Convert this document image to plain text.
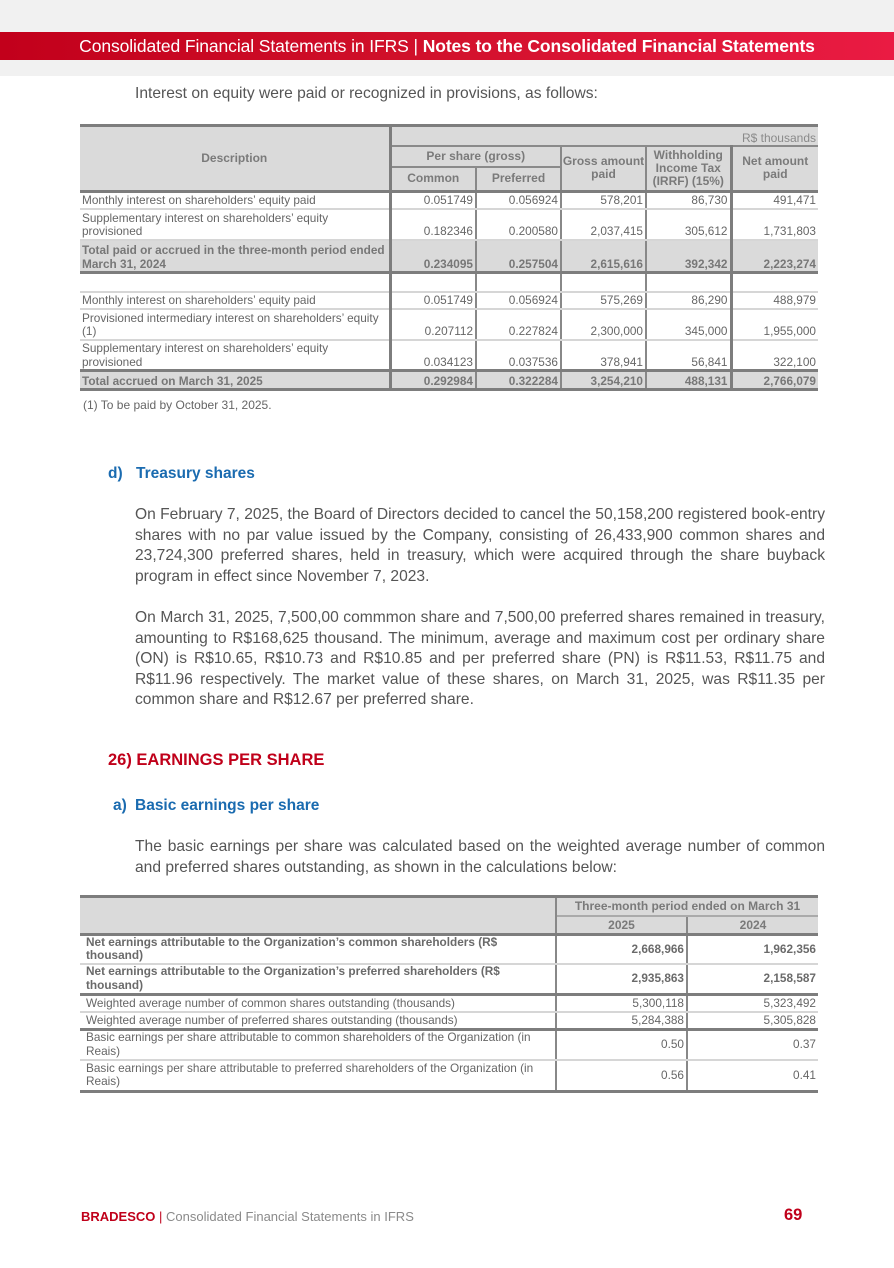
Consolidated Financial Statements in IFRS | Notes to the Consolidated Financial Statements

Interest on equity were paid or recognized in provisions, as follows:

Description	R$ thousands				
	Per share (gross)		Gross amount paid	Withholding Income Tax (IRRF) (15%)	Net amount paid
	Common	Preferred			
Monthly interest on shareholders’ equity paid	0.051749	0.056924	578,201	86,730	491,471
Supplementary interest on shareholders’ equity provisioned	0.182346	0.200580	2,037,415	305,612	1,731,803
Total paid or accrued in the three-month period ended March 31, 2024	0.234095	0.257504	2,615,616	392,342	2,223,274

Monthly interest on shareholders’ equity paid	0.051749	0.056924	575,269	86,290	488,979
Provisioned intermediary interest on shareholders’ equity (1)	0.207112	0.227824	2,300,000	345,000	1,955,000
Supplementary interest on shareholders’ equity provisioned	0.034123	0.037536	378,941	56,841	322,100
Total accrued on March 31, 2025	0.292984	0.322284	3,254,210	488,131	2,766,079
(1) To be paid by October 31, 2025.
d) Treasury shares

On February 7, 2025, the Board of Directors decided to cancel the 50,158,200 registered book-entry shares with no par value issued by the Company, consisting of 26,433,900 common shares and 23,724,300 preferred shares, held in treasury, which were acquired through the share buyback program in effect since November 7, 2023.

On March 31, 2025, 7,500,00 commmon share and 7,500,00 preferred shares remained in treasury, amounting to R$168,625 thousand. The minimum, average and maximum cost per ordinary share (ON) is R$10.65, R$10.73 and R$10.85 and per preferred share (PN) is R$11.53, R$11.75 and R$11.96 respectively. The market value of these shares, on March 31, 2025, was R$11.35 per common share and R$12.67 per preferred share.

26) EARNINGS PER SHARE
a) Basic earnings per share

The basic earnings per share was calculated based on the weighted average number of common and preferred shares outstanding, as shown in the calculations below:

	Three-month period ended on March 31	
	2025	2024
Net earnings attributable to the Organization’s common shareholders (R$ thousand)	2,668,966	1,962,356
Net earnings attributable to the Organization’s preferred shareholders (R$ thousand)	2,935,863	2,158,587
Weighted average number of common shares outstanding (thousands)	5,300,118	5,323,492
Weighted average number of preferred shares outstanding (thousands)	5,284,388	5,305,828
Basic earnings per share attributable to common shareholders of the Organization (in Reais)	0.50	0.37
Basic earnings per share attributable to preferred shareholders of the Organization (in Reais)	0.56	0.41
BRADESCO | Consolidated Financial Statements in IFRS	69
